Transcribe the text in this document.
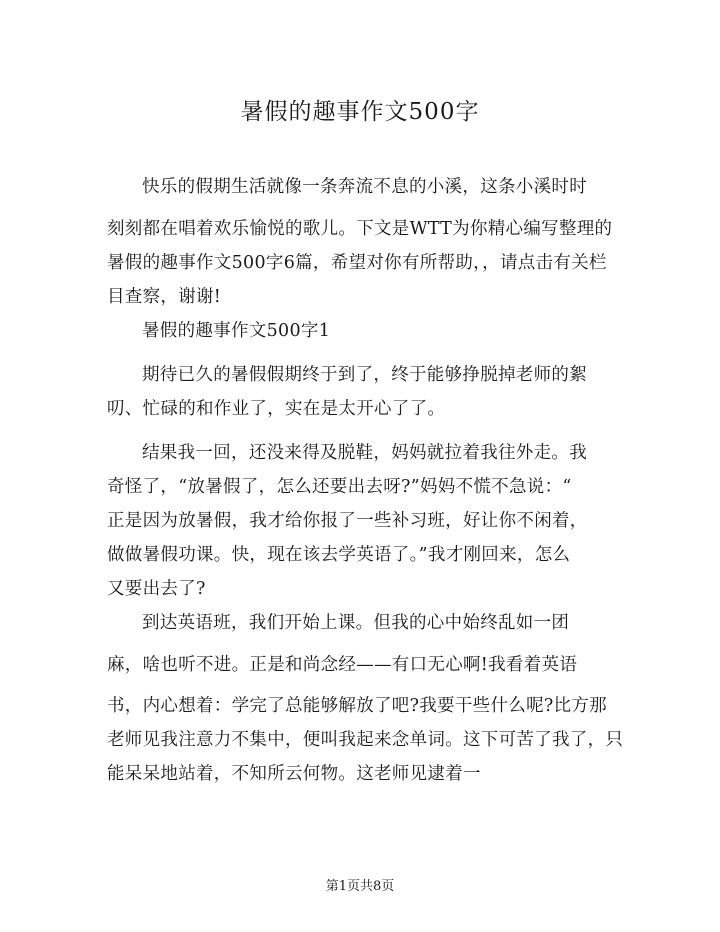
暑假的趣事作文500字
快乐的假期生活就像一条奔流不息的小溪，这条小溪时时
刻刻都在唱着欢乐愉悦的歌儿。下文是WTT为你精心编写整理的
暑假的趣事作文500字6篇，希望对你有所帮助，，请点击有关栏
目查察，谢谢!
暑假的趣事作文500字1
期待已久的暑假假期终于到了，终于能够挣脱掉老师的絮
叨、忙碌的和作业了，实在是太开心了了。
结果我一回，还没来得及脱鞋，妈妈就拉着我往外走。我
奇怪了，“放暑假了，怎么还要出去呀?”妈妈不慌不急说：“
正是因为放暑假，我才给你报了一些补习班，好让你不闲着，
做做暑假功课。快，现在该去学英语了。”我才刚回来，怎么
又要出去了?
到达英语班，我们开始上课。但我的心中始终乱如一团
麻，啥也听不进。正是和尚念经——有口无心啊!我看着英语
书，内心想着：学完了总能够解放了吧?我要干些什么呢?比方那
老师见我注意力不集中，便叫我起来念单词。这下可苦了我了，只
能呆呆地站着，不知所云何物。这老师见逮着一
第1页共8页
